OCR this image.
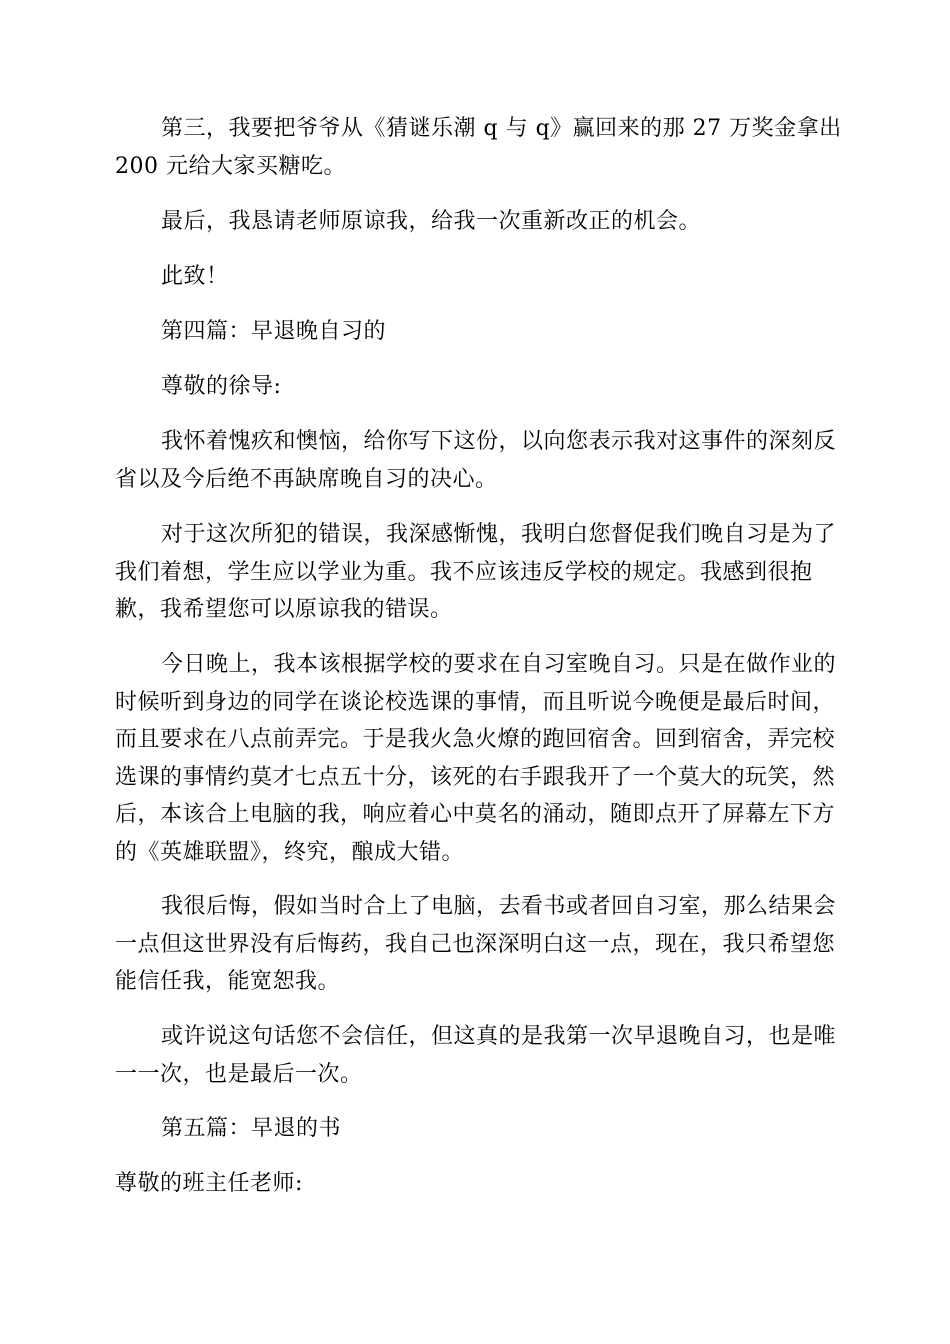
第三，我要把爷爷从《猜谜乐潮 q 与 q》赢回来的那 27 万奖金拿出
200 元给大家买糖吃。

最后，我恳请老师原谅我，给我一次重新改正的机会。

此致！

第四篇：早退晚自习的

尊敬的徐导:

我怀着愧疚和懊恼，给你写下这份，以向您表示我对这事件的深刻反
省以及今后绝不再缺席晚自习的决心。

对于这次所犯的错误，我深感惭愧，我明白您督促我们晚自习是为了
我们着想，学生应以学业为重。我不应该违反学校的规定。我感到很抱
歉，我希望您可以原谅我的错误。

今日晚上，我本该根据学校的要求在自习室晚自习。只是在做作业的
时候听到身边的同学在谈论校选课的事情，而且听说今晚便是最后时间，
而且要求在八点前弄完。于是我火急火燎的跑回宿舍。回到宿舍，弄完校
选课的事情约莫才七点五十分，该死的右手跟我开了一个莫大的玩笑，然
后，本该合上电脑的我，响应着心中莫名的涌动，随即点开了屏幕左下方
的《英雄联盟》，终究，酿成大错。

我很后悔，假如当时合上了电脑，去看书或者回自习室，那么结果会
一点但这世界没有后悔药，我自己也深深明白这一点，现在，我只希望您
能信任我，能宽恕我。

或许说这句话您不会信任，但这真的是我第一次早退晚自习，也是唯
一一次，也是最后一次。

第五篇：早退的书

尊敬的班主任老师:
